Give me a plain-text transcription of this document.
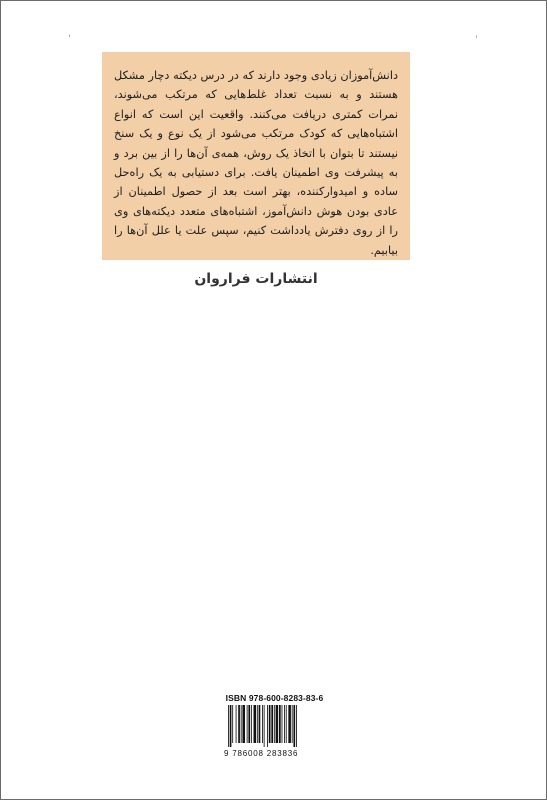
ˈ	ˈ

دانش‌آموزان زیادی وجود دارند که در درس دیکته دچار مشکل هستند و به نسبت تعداد غلط‌هایی که مرتکب می‌شوند، نمرات کمتری دریافت می‌کنند. واقعیت این است که انواع اشتباه‌هایی که کودک مرتکب می‌شود از یک نوع و یک سنخ نیستند تا بتوان با اتخاذ یک روش، همه‌ی آن‌ها را از بین برد و به پیشرفت وی اطمینان یافت. برای دستیابی به یک راه‌حل ساده و امیدوارکننده، بهتر است بعد از حصول اطمینان از عادی بودن هوش دانش‌آموز، اشتباه‌های متعدد دیکته‌های وی را از روی دفترش یادداشت کنیم، سپس علت یا علل آن‌ها را بیابیم.

انتشارات فراروان
ISBN 978-600-8283-83-6
9 786008 283836
